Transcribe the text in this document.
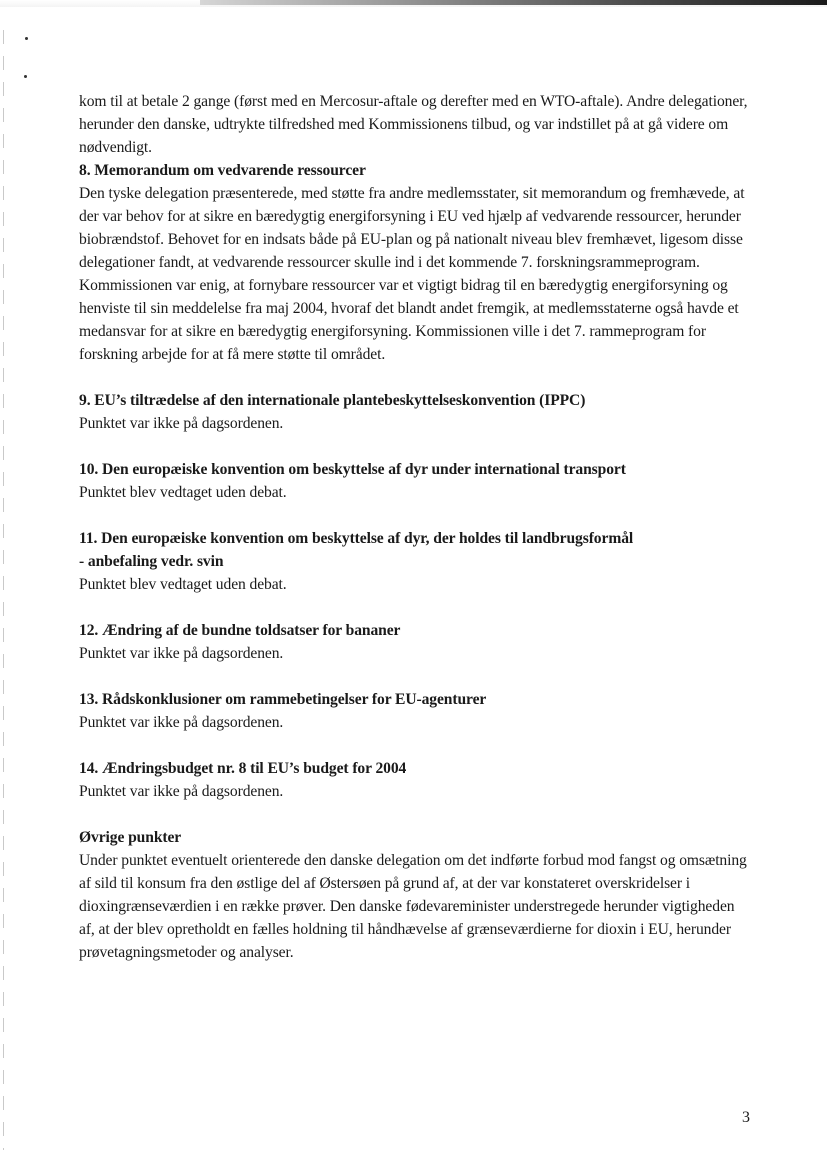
kom til at betale 2 gange (først med en Mercosur-aftale og derefter med en WTO-aftale). Andre delegationer, herunder den danske, udtrykte tilfredshed med Kommissionens tilbud, og var indstillet på at gå videre om nødvendigt.

8. Memorandum om vedvarende ressourcer

Den tyske delegation præsenterede, med støtte fra andre medlemsstater, sit memorandum og fremhævede, at der var behov for at sikre en bæredygtig energiforsyning i EU ved hjælp af vedvarende ressourcer, herunder biobrændstof. Behovet for en indsats både på EU-plan og på nationalt niveau blev fremhævet, ligesom disse delegationer fandt, at vedvarende ressourcer skulle ind i det kommende 7. forskningsrammeprogram. Kommissionen var enig, at fornybare ressourcer var et vigtigt bidrag til en bæredygtig energiforsyning og henviste til sin meddelelse fra maj 2004, hvoraf det blandt andet fremgik, at medlemsstaterne også havde et medansvar for at sikre en bæredygtig energiforsyning. Kommissionen ville i det 7. rammeprogram for forskning arbejde for at få mere støtte til området.

9. EU’s tiltrædelse af den internationale plantebeskyttelseskonvention (IPPC)

Punktet var ikke på dagsordenen.

10. Den europæiske konvention om beskyttelse af dyr under international transport

Punktet blev vedtaget uden debat.

11. Den europæiske konvention om beskyttelse af dyr, der holdes til landbrugsformål
- anbefaling vedr. svin

Punktet blev vedtaget uden debat.

12. Ændring af de bundne toldsatser for bananer

Punktet var ikke på dagsordenen.

13. Rådskonklusioner om rammebetingelser for EU-agenturer

Punktet var ikke på dagsordenen.

14. Ændringsbudget nr. 8 til EU’s budget for 2004

Punktet var ikke på dagsordenen.

Øvrige punkter

Under punktet eventuelt orienterede den danske delegation om det indførte forbud mod fangst og omsætning af sild til konsum fra den østlige del af Østersøen på grund af, at der var konstateret overskridelser i dioxingrænseværdien i en række prøver. Den danske fødevareminister understregede herunder vigtigheden af, at der blev opretholdt en fælles holdning til håndhævelse af grænseværdierne for dioxin i EU, herunder prøvetagningsmetoder og analyser.

3
